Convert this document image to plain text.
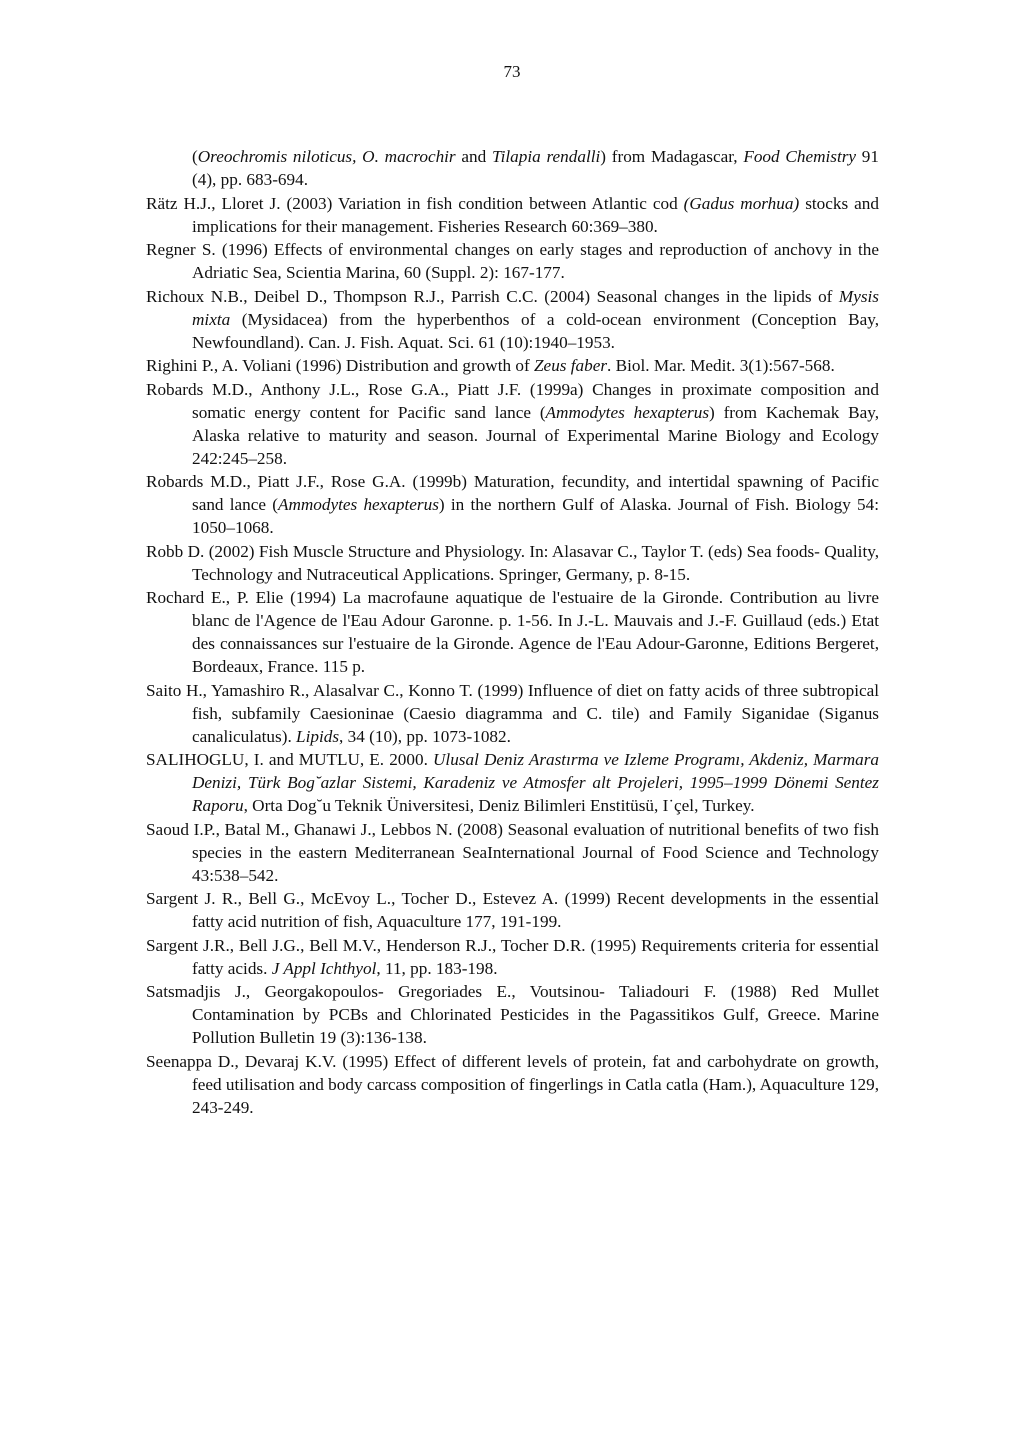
73
(Oreochromis niloticus, O. macrochir and Tilapia rendalli) from Madagascar, Food Chemistry 91 (4), pp. 683-694.
Rätz H.J., Lloret J. (2003) Variation in fish condition between Atlantic cod (Gadus morhua) stocks and implications for their management. Fisheries Research 60:369–380.
Regner S. (1996) Effects of environmental changes on early stages and reproduction of anchovy in the Adriatic Sea, Scientia Marina, 60 (Suppl. 2): 167-177.
Richoux N.B., Deibel D., Thompson R.J., Parrish C.C. (2004) Seasonal changes in the lipids of Mysis mixta (Mysidacea) from the hyperbenthos of a cold-ocean environment (Conception Bay, Newfoundland). Can. J. Fish. Aquat. Sci. 61 (10):1940–1953.
Righini P., A. Voliani (1996) Distribution and growth of Zeus faber. Biol. Mar. Medit. 3(1):567-568.
Robards M.D., Anthony J.L., Rose G.A., Piatt J.F. (1999a) Changes in proximate composition and somatic energy content for Pacific sand lance (Ammodytes hexapterus) from Kachemak Bay, Alaska relative to maturity and season. Journal of Experimental Marine Biology and Ecology 242:245–258.
Robards M.D., Piatt J.F., Rose G.A. (1999b) Maturation, fecundity, and intertidal spawning of Pacific sand lance (Ammodytes hexapterus) in the northern Gulf of Alaska. Journal of Fish. Biology 54: 1050–1068.
Robb D. (2002) Fish Muscle Structure and Physiology. In: Alasavar C., Taylor T. (eds) Sea foods- Quality, Technology and Nutraceutical Applications. Springer, Germany, p. 8-15.
Rochard E., P. Elie (1994) La macrofaune aquatique de l'estuaire de la Gironde. Contribution au livre blanc de l'Agence de l'Eau Adour Garonne. p. 1-56. In J.-L. Mauvais and J.-F. Guillaud (eds.) Etat des connaissances sur l'estuaire de la Gironde. Agence de l'Eau Adour-Garonne, Editions Bergeret, Bordeaux, France. 115 p.
Saito H., Yamashiro R., Alasalvar C., Konno T. (1999) Influence of diet on fatty acids of three subtropical fish, subfamily Caesioninae (Caesio diagramma and C. tile) and Family Siganidae (Siganus canaliculatus). Lipids, 34 (10), pp. 1073-1082.
SALIHOGLU, I. and MUTLU, E. 2000. Ulusal Deniz Arastırma ve Izleme Programı, Akdeniz, Marmara Denizi, Türk Bog˘azlar Sistemi, Karadeniz ve Atmosfer alt Projeleri, 1995–1999 Dönemi Sentez Raporu, Orta Dog˘u Teknik Üniversitesi, Deniz Bilimleri Enstitüsü, I˙çel, Turkey.
Saoud I.P., Batal M., Ghanawi J., Lebbos N. (2008) Seasonal evaluation of nutritional benefits of two fish species in the eastern Mediterranean SeaInternational Journal of Food Science and Technology 43:538–542.
Sargent J. R., Bell G., McEvoy L., Tocher D., Estevez A. (1999) Recent developments in the essential fatty acid nutrition of fish, Aquaculture 177, 191-199.
Sargent J.R., Bell J.G., Bell M.V., Henderson R.J., Tocher D.R. (1995) Requirements criteria for essential fatty acids. J Appl Ichthyol, 11, pp. 183-198.
Satsmadjis J., Georgakopoulos- Gregoriades E., Voutsinou- Taliadouri F. (1988) Red Mullet Contamination by PCBs and Chlorinated Pesticides in the Pagassitikos Gulf, Greece. Marine Pollution Bulletin 19 (3):136-138.
Seenappa D., Devaraj K.V. (1995) Effect of different levels of protein, fat and carbohydrate on growth, feed utilisation and body carcass composition of fingerlings in Catla catla (Ham.), Aquaculture 129, 243-249.
